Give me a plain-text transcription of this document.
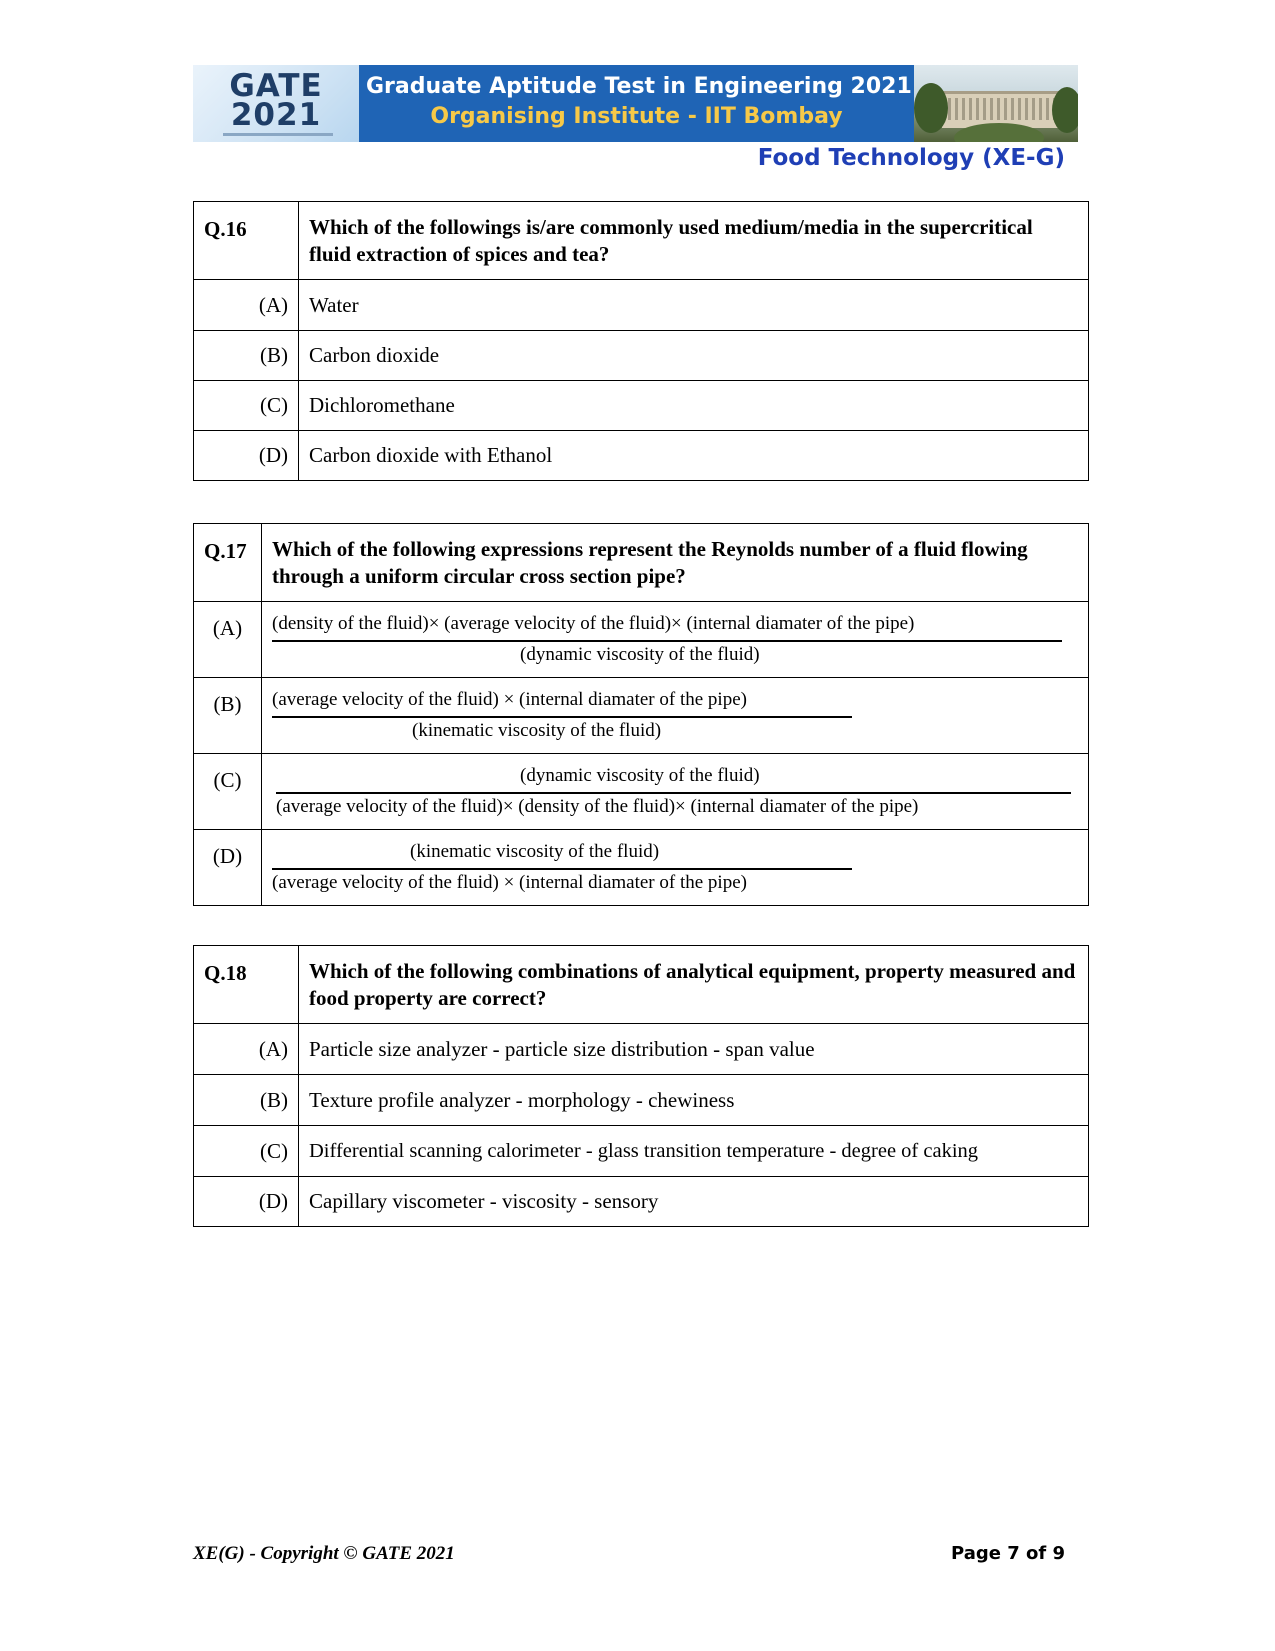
GATE
2021
Graduate Aptitude Test in Engineering 2021
Organising Institute - IIT Bombay
Food Technology (XE-G)
Q.16	Which of the followings is/are commonly used medium/media in the supercritical fluid extraction of spices and tea?
(A)	Water
(B)	Carbon dioxide
(C)	Dichloromethane
(D)	Carbon dioxide with Ethanol
Q.17	Which of the following expressions represent the Reynolds number of a fluid flowing through a uniform circular cross section pipe?
(A)	(density of the fluid)× (average velocity of the fluid)× (internal diamater of the pipe)
(dynamic viscosity of the fluid)

(B)	(average velocity of the fluid) × (internal diamater of the pipe)
(kinematic viscosity of the fluid)

(C)	(dynamic viscosity of the fluid)
(average velocity of the fluid)× (density of the fluid)× (internal diamater of the pipe)

(D)	(kinematic viscosity of the fluid)
(average velocity of the fluid) × (internal diamater of the pipe)
Q.18	Which of the following combinations of analytical equipment, property measured and food property are correct?
(A)	Particle size analyzer - particle size distribution - span value
(B)	Texture profile analyzer - morphology - chewiness
(C)	Differential scanning calorimeter - glass transition temperature - degree of caking
(D)	Capillary viscometer - viscosity - sensory
XE(G) - Copyright © GATE 2021	Page 7 of 9
